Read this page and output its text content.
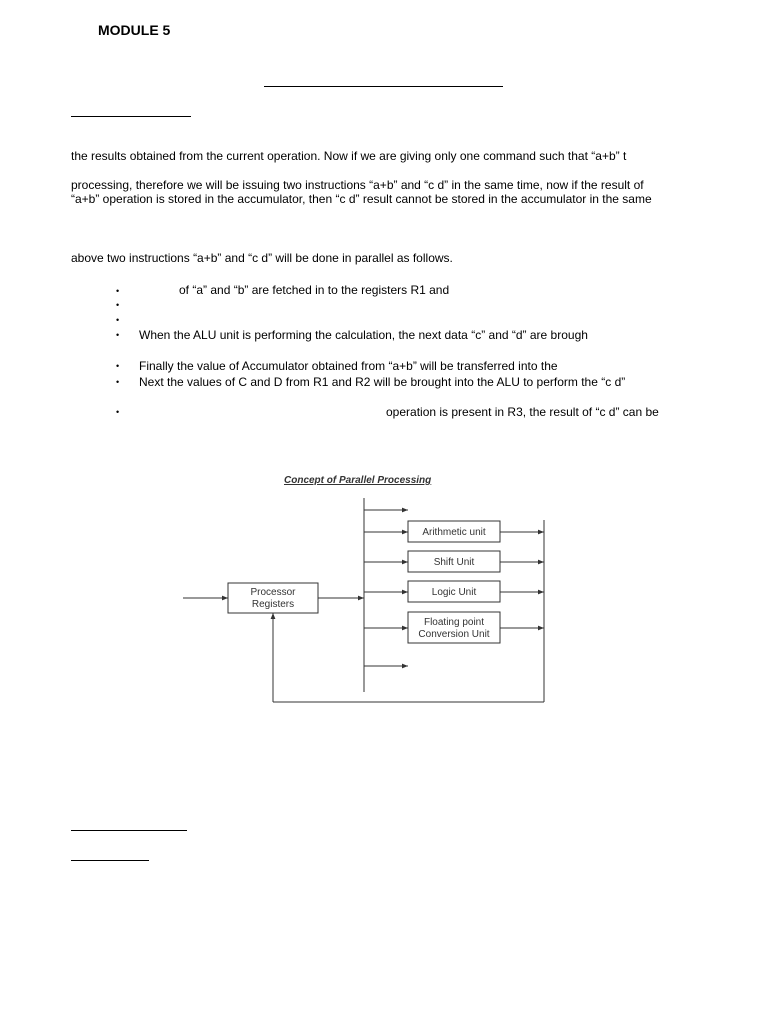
MODULE 5
the results obtained from the current operation. Now if we are giving only one command such that “a+b” t
processing, therefore we will be issuing two instructions “a+b” and “c d” in the same time, now if the result of
“a+b” operation is stored in the accumulator, then “c d” result cannot be stored in the accumulator in the same
above two instructions “a+b” and “c d” will be done in parallel as follows.
•	of “a” and “b” are fetched in to the registers R1 and
•
•
• When the ALU unit is performing the calculation, the next data “c” and “d” are brough
• Finally the value of Accumulator obtained from “a+b” will be transferred into the
• Next the values of C and D from R1 and R2 will be brought into the ALU to perform the “c d”
•	operation is present in R3, the result of “c d” can be
Concept of Parallel Processing
Processor
Registers
Arithmetic unit
Shift Unit
Logic Unit
Floating point
Conversion Unit
